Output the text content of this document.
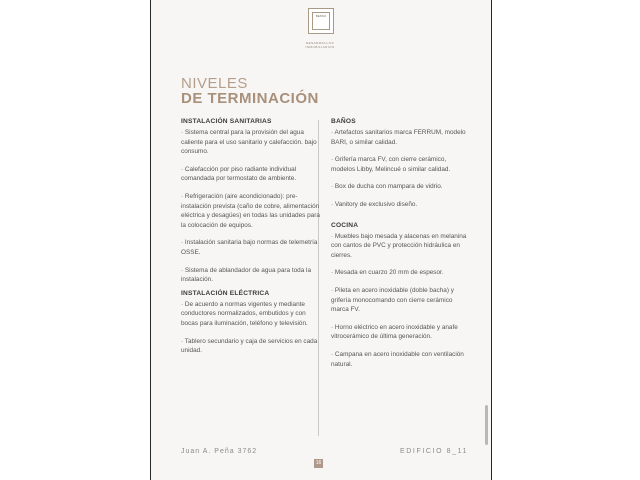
BENSO
DESARROLLOS INMOBILIARIOS
NIVELES
DE TERMINACIÓN
INSTALACIÓN SANITARIAS
· Sistema central para la provisión del agua caliente para el uso sanitario y calefacción. bajo consumo.
· Calefacción por piso radiante individual comandada por termostato de ambiente.
· Refrigeración (aire acondicionado): pre-instalación prevista (caño de cobre, alimentación eléctrica y desagües) en todas las unidades para la colocación de equipos.
· Instalación sanitaria bajo normas de telemetría OSSE.
· Sistema de ablandador de agua para toda la instalación.
INSTALACIÓN ELÉCTRICA
· De acuerdo a normas vigentes y mediante conductores normalizados, embutidos y con bocas para iluminación, teléfono y televisión.
· Tablero secundario y caja de servicios en cada unidad.
BAÑOS
· Artefactos sanitarios marca FERRUM, modelo BARI, o similar calidad.
· Grifería marca FV, con cierre cerámico, modelos Libby, Melincué o similar calidad.
· Box de ducha con mampara de vidrio.
· Vanitory de exclusivo diseño.
COCINA
· Muebles bajo mesada y alacenas en melanina con cantos de PVC y protección hidráulica en cierres.
· Mesada en cuarzo 20 mm de espesor.
· Pileta en acero inoxidable (doble bacha) y grifería monocomando con cierre cerámico marca FV.
· Horno eléctrico en acero inoxidable y anafe vitrocerámico de última generación.
· Campana en acero inoxidable con ventilación natural.
Juan A. Peña 3762	EDIFICIO 8_11
16
